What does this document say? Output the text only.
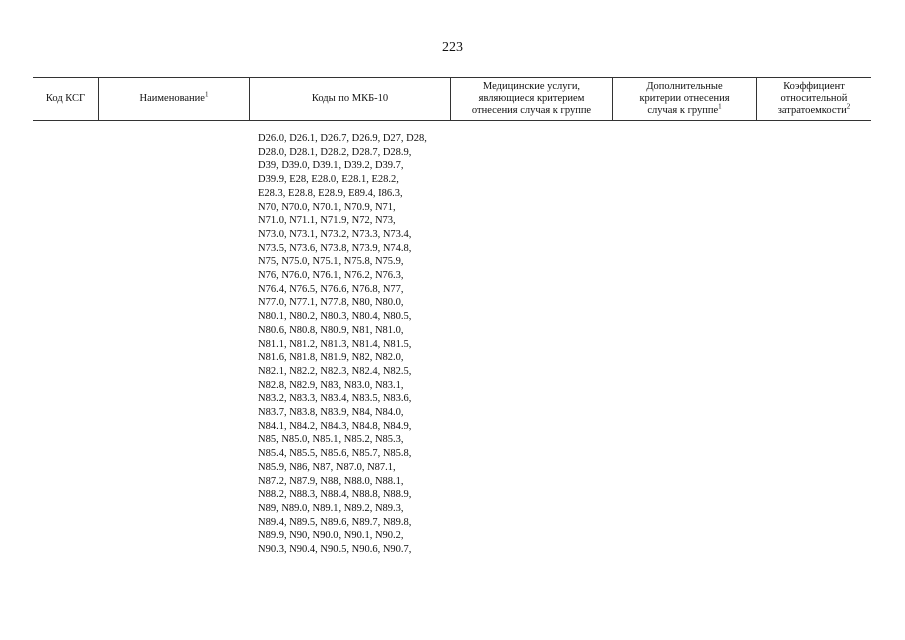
223
Код КСГ	Наименование$^1$	Коды по МКБ-10
Медицинские услуги,
являющиеся критерием
отнесения случая к группе
Дополнительные
критерии отнесения
случая к группе$^1$
Коэффициент
относительной
затратоемкости$^2$
D26.0, D26.1, D26.7, D26.9, D27, D28,
D28.0, D28.1, D28.2, D28.7, D28.9,
D39, D39.0, D39.1, D39.2, D39.7,
D39.9, E28, E28.0, E28.1, E28.2,
E28.3, E28.8, E28.9, E89.4, I86.3,
N70, N70.0, N70.1, N70.9, N71,
N71.0, N71.1, N71.9, N72, N73,
N73.0, N73.1, N73.2, N73.3, N73.4,
N73.5, N73.6, N73.8, N73.9, N74.8,
N75, N75.0, N75.1, N75.8, N75.9,
N76, N76.0, N76.1, N76.2, N76.3,
N76.4, N76.5, N76.6, N76.8, N77,
N77.0, N77.1, N77.8, N80, N80.0,
N80.1, N80.2, N80.3, N80.4, N80.5,
N80.6, N80.8, N80.9, N81, N81.0,
N81.1, N81.2, N81.3, N81.4, N81.5,
N81.6, N81.8, N81.9, N82, N82.0,
N82.1, N82.2, N82.3, N82.4, N82.5,
N82.8, N82.9, N83, N83.0, N83.1,
N83.2, N83.3, N83.4, N83.5, N83.6,
N83.7, N83.8, N83.9, N84, N84.0,
N84.1, N84.2, N84.3, N84.8, N84.9,
N85, N85.0, N85.1, N85.2, N85.3,
N85.4, N85.5, N85.6, N85.7, N85.8,
N85.9, N86, N87, N87.0, N87.1,
N87.2, N87.9, N88, N88.0, N88.1,
N88.2, N88.3, N88.4, N88.8, N88.9,
N89, N89.0, N89.1, N89.2, N89.3,
N89.4, N89.5, N89.6, N89.7, N89.8,
N89.9, N90, N90.0, N90.1, N90.2,
N90.3, N90.4, N90.5, N90.6, N90.7,
